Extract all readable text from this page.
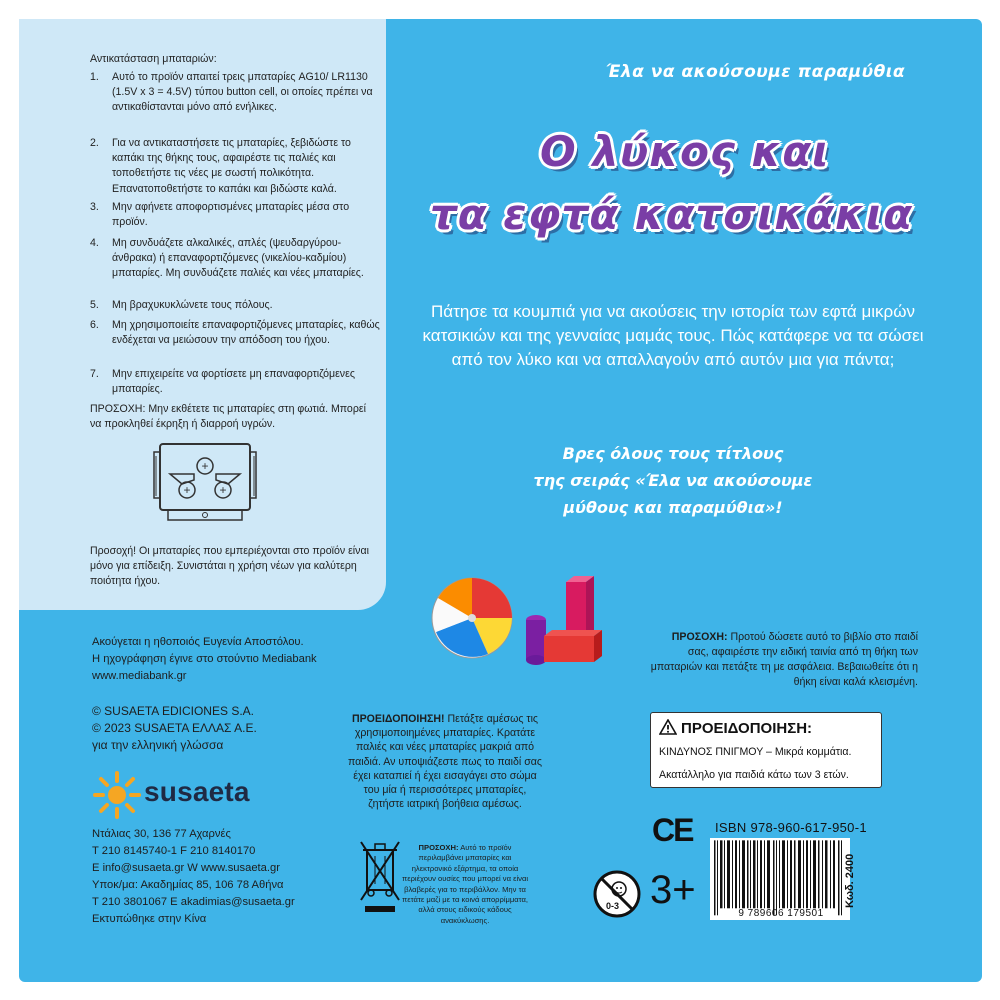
Αντικατάσταση μπαταριών:
1.	Αυτό το προϊόν απαιτεί τρεις μπαταρίες AG10/ LR1130 (1.5V x 3 = 4.5V) τύπου button cell, οι οποίες πρέπει να αντικαθίστανται μόνο από ενήλικες.
2.	Για να αντικαταστήσετε τις μπαταρίες, ξεβιδώστε το καπάκι της θήκης τους, αφαιρέστε τις παλιές και τοποθετήστε τις νέες με σωστή πολικότητα. Επανατοποθετήστε το καπάκι και βιδώστε καλά.
3.	Μην αφήνετε αποφορτισμένες μπαταρίες μέσα στο προϊόν.
4.	Μη συνδυάζετε αλκαλικές, απλές (ψευδαργύρου-άνθρακα) ή επαναφορτιζόμενες (νικελίου-καδμίου) μπαταρίες. Μη συνδυάζετε παλιές και νέες μπαταρίες.
5.	Μη βραχυκυκλώνετε τους πόλους.
6.	Μη χρησιμοποιείτε επαναφορτιζόμενες μπαταρίες, καθώς ενδέχεται να μειώσουν την απόδοση του ήχου.
7.	Μην επιχειρείτε να φορτίσετε μη επαναφορτιζόμενες μπαταρίες.
ΠΡΟΣΟΧΗ: Μην εκθέτετε τις μπαταρίες στη φωτιά. Μπορεί να προκληθεί έκρηξη ή διαρροή υγρών.
+
+ +
Προσοχή! Οι μπαταρίες που εμπεριέχονται στο προϊόν είναι μόνο για επίδειξη. Συνιστάται η χρήση νέων για καλύτερη ποιότητα ήχου.
Έλα να ακούσουμε παραμύθια
Ο λύκος και
τα εφτά κατσικάκια
Πάτησε τα κουμπιά για να ακούσεις την ιστορία των εφτά μικρών κατσικιών και της γενναίας μαμάς τους. Πώς κατάφερε να τα σώσει από τον λύκο και να απαλλαγούν από αυτόν μια για πάντα;
Βρες όλους τους τίτλους
της σειράς «Έλα να ακούσουμε
μύθους και παραμύθια»!
Ακούγεται η ηθοποιός Ευγενία Αποστόλου.
Η ηχογράφηση έγινε στο στούντιο Mediabank
www.mediabank.gr
© SUSAETA EDICIONES S.A.
© 2023 SUSAETA ΕΛΛΑΣ Α.Ε.
για την ελληνική γλώσσα
susaeta
Ντάλιας 30, 136 77 Αχαρνές
T 210 8145740-1 F 210 8140170
E info@susaeta.gr W www.susaeta.gr
Υποκ/μα: Ακαδημίας 85, 106 78 Αθήνα
T 210 3801067 E akadimias@susaeta.gr
Εκτυπώθηκε στην Κίνα
ΠΡΟΕΙΔΟΠΟΙΗΣΗ! Πετάξτε αμέσως τις χρησιμοποιημένες μπαταρίες. Κρατάτε παλιές και νέες μπαταρίες μακριά από παιδιά. Αν υποψιάζεστε πως το παιδί σας έχει καταπιεί ή έχει εισαγάγει στο σώμα του μία ή περισσότερες μπαταρίες, ζητήστε ιατρική βοήθεια αμέσως.
ΠΡΟΣΟΧΗ: Αυτό το προϊόν περιλαμβάνει μπαταρίες και ηλεκτρονικό εξάρτημα, τα οποία περιέχουν ουσίες που μπορεί να είναι βλαβερές για το περιβάλλον. Μην τα πετάτε μαζί με τα κοινά απορρίμματα, αλλά στους ειδικούς κάδους ανακύκλωσης.
ΠΡΟΣΟΧΗ: Προτού δώσετε αυτό το βιβλίο στο παιδί σας, αφαιρέστε την ειδική ταινία από τη θήκη των μπαταριών και πετάξτε τη με ασφάλεια. Βεβαιωθείτε ότι η θήκη είναι καλά κλεισμένη.
ΠΡΟΕΙΔΟΠΟΙΗΣΗ:
ΚΙΝΔΥΝΟΣ ΠΝΙΓΜΟΥ – Μικρά κομμάτια.
Ακατάλληλο για παιδιά κάτω των 3 ετών.
CE
0-3 3+
ISBN 978-960-617-950-1
9 789606 179501
Κωδ. 2400
